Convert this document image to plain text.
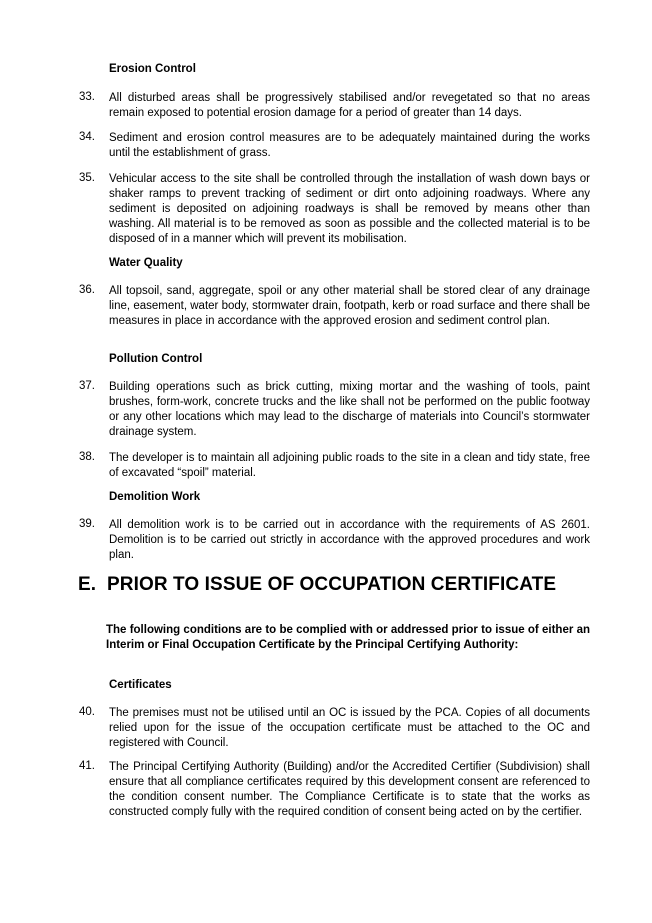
Erosion Control
33. All disturbed areas shall be progressively stabilised and/or revegetated so that no areas remain exposed to potential erosion damage for a period of greater than 14 days.
34. Sediment and erosion control measures are to be adequately maintained during the works until the establishment of grass.
35. Vehicular access to the site shall be controlled through the installation of wash down bays or shaker ramps to prevent tracking of sediment or dirt onto adjoining roadways. Where any sediment is deposited on adjoining roadways is shall be removed by means other than washing. All material is to be removed as soon as possible and the collected material is to be disposed of in a manner which will prevent its mobilisation.
Water Quality
36. All topsoil, sand, aggregate, spoil or any other material shall be stored clear of any drainage line, easement, water body, stormwater drain, footpath, kerb or road surface and there shall be measures in place in accordance with the approved erosion and sediment control plan.
Pollution Control
37. Building operations such as brick cutting, mixing mortar and the washing of tools, paint brushes, form-work, concrete trucks and the like shall not be performed on the public footway or any other locations which may lead to the discharge of materials into Council’s stormwater drainage system.
38. The developer is to maintain all adjoining public roads to the site in a clean and tidy state, free of excavated “spoil” material.
Demolition Work
39. All demolition work is to be carried out in accordance with the requirements of AS 2601. Demolition is to be carried out strictly in accordance with the approved procedures and work plan.
E. PRIOR TO ISSUE OF OCCUPATION CERTIFICATE
The following conditions are to be complied with or addressed prior to issue of either an Interim or Final Occupation Certificate by the Principal Certifying Authority:
Certificates
40. The premises must not be utilised until an OC is issued by the PCA. Copies of all documents relied upon for the issue of the occupation certificate must be attached to the OC and registered with Council.
41. The Principal Certifying Authority (Building) and/or the Accredited Certifier (Subdivision) shall ensure that all compliance certificates required by this development consent are referenced to the condition consent number. The Compliance Certificate is to state that the works as constructed comply fully with the required condition of consent being acted on by the certifier.
